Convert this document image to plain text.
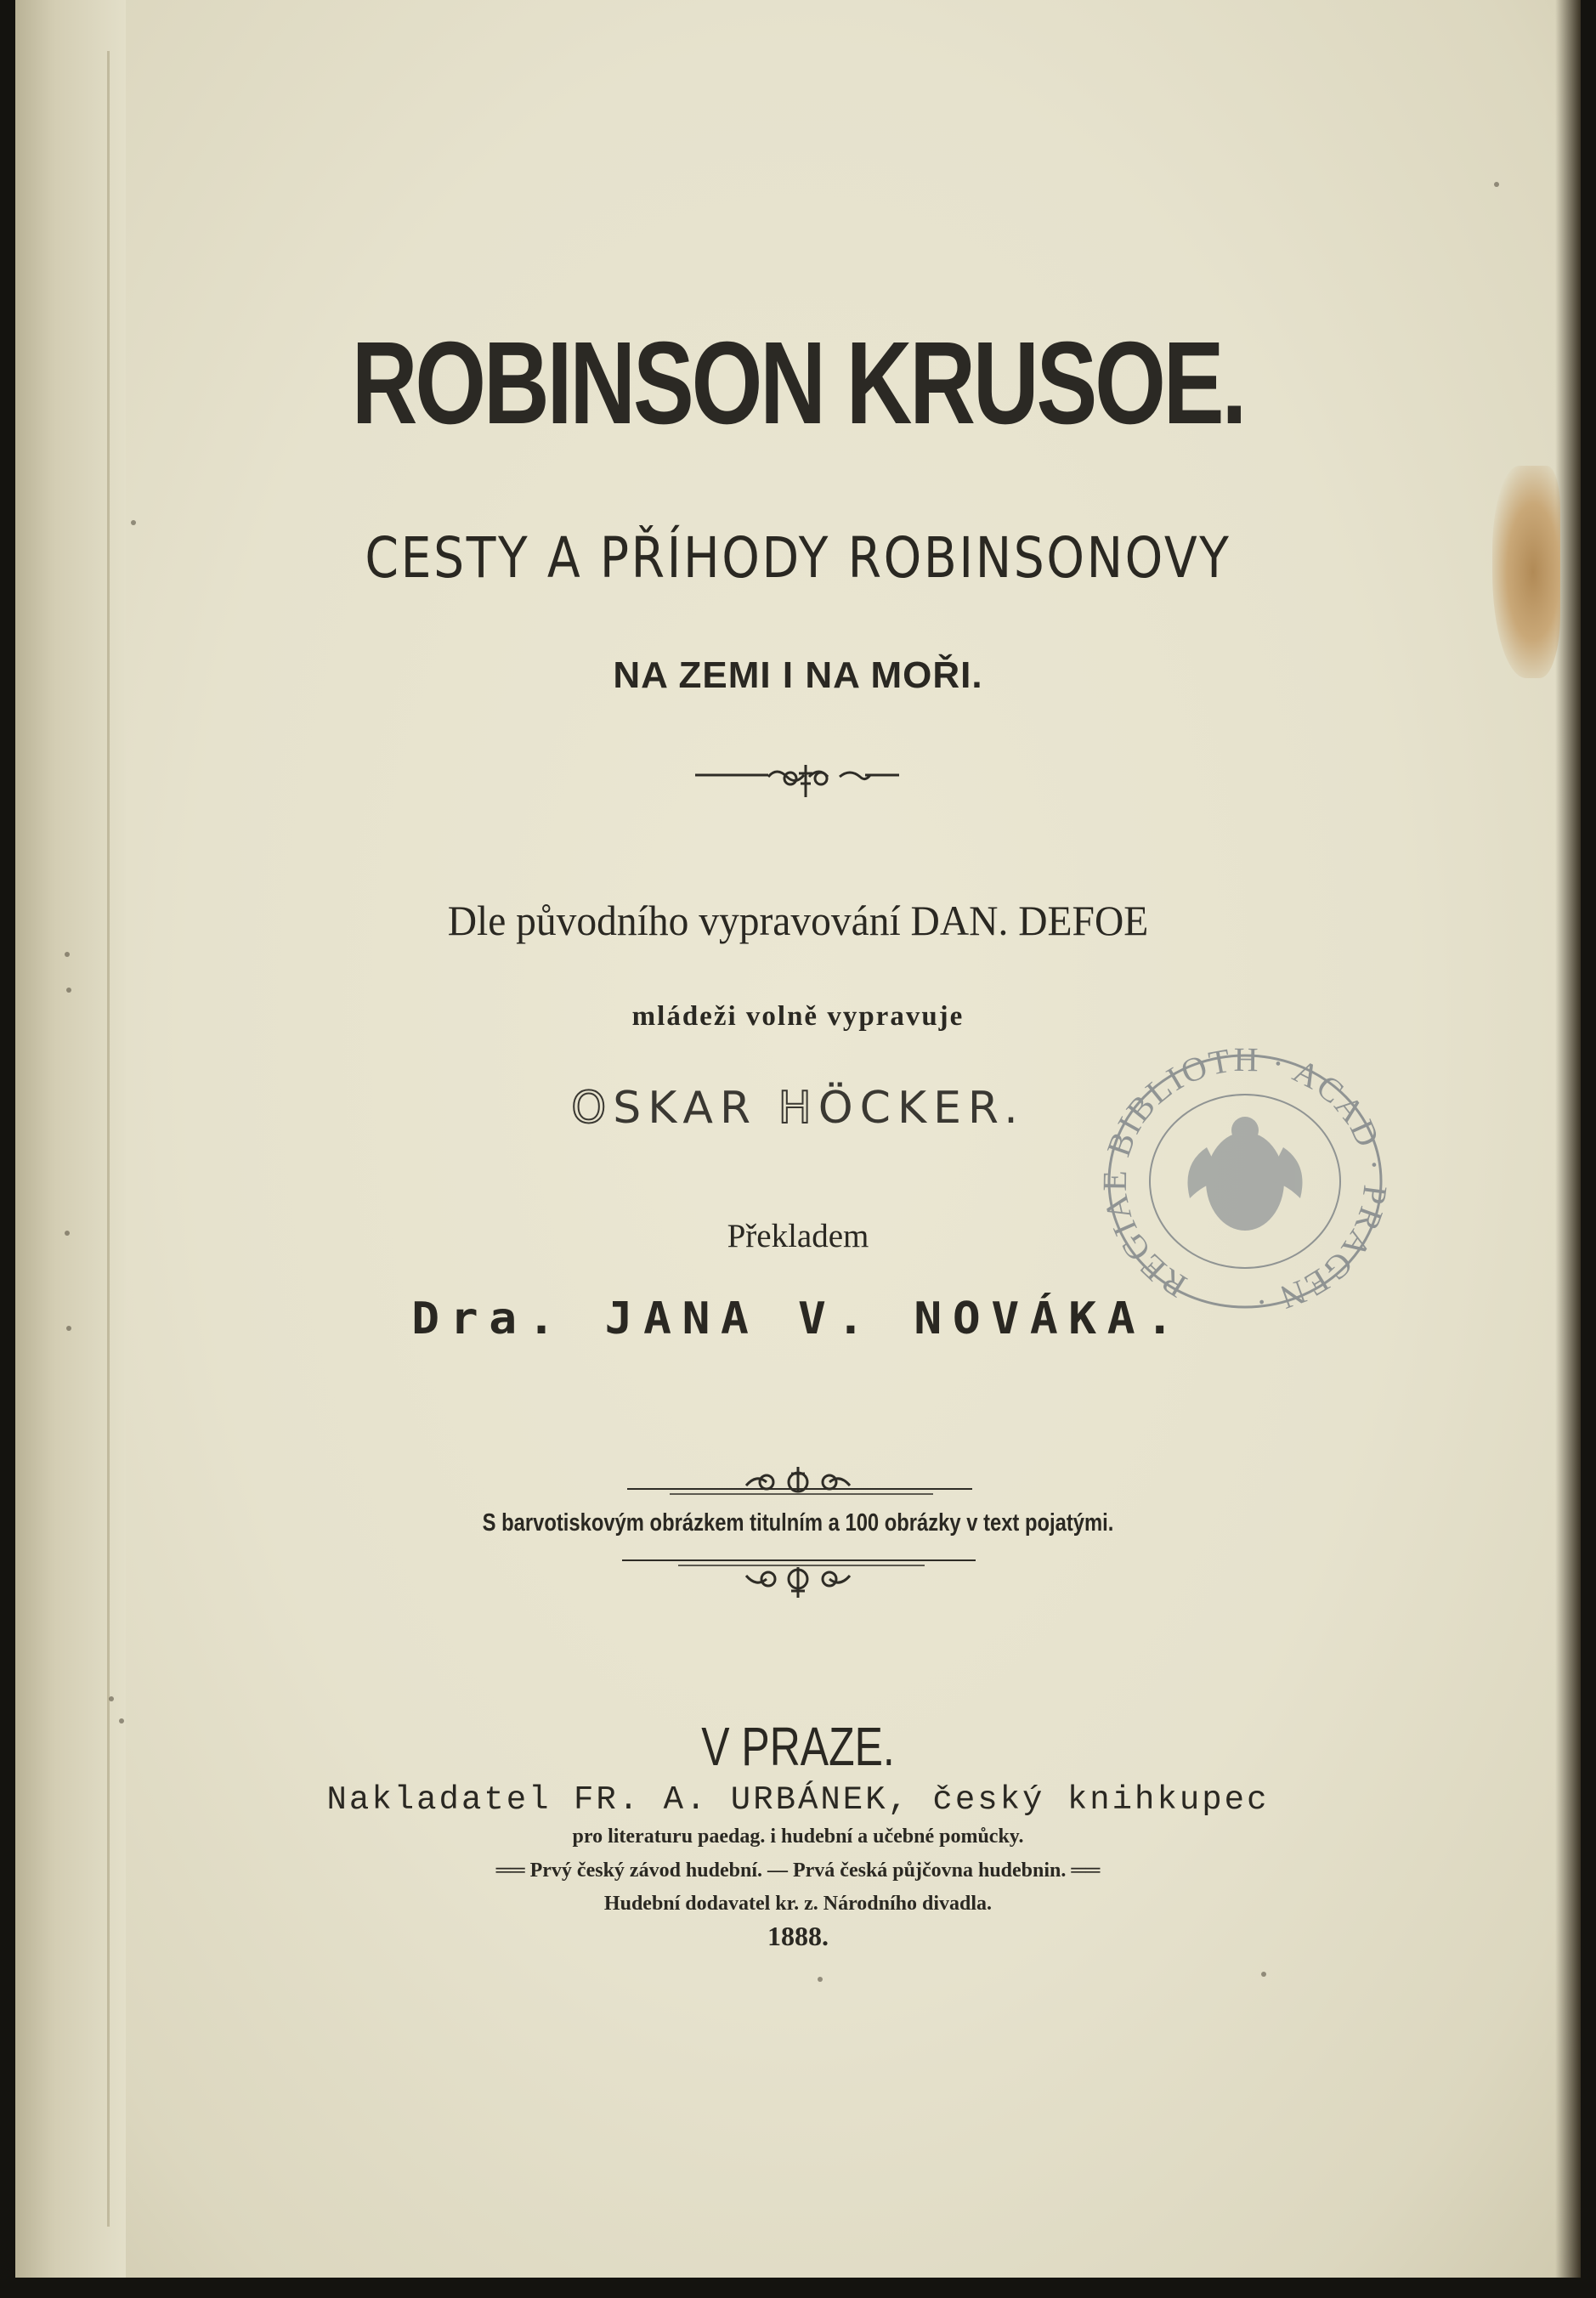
ROBINSON KRUSOE.

CESTY A PŘÍHODY ROBINSONOVY

NA ZEMI I NA MOŘI.

Dle původního vypravování DAN. DEFOE

mládeži volně vypravuje

OSKAR HÖCKER.

Překladem

Dra. JANA V. NOVÁKA.

REGIAE BIBLIOTH · ACAD · PRAGEN ·

S barvotiskovým obrázkem titulním a 100 obrázky v text pojatými.

V PRAZE.

Nakladatel FR. A. URBÁNEK, český knihkupec

pro literaturu paedag. i hudební a učebné pomůcky.

══ Prvý český závod hudební. — Prvá česká půjčovna hudebnin. ══

Hudební dodavatel kr. z. Národního divadla.

1888.
